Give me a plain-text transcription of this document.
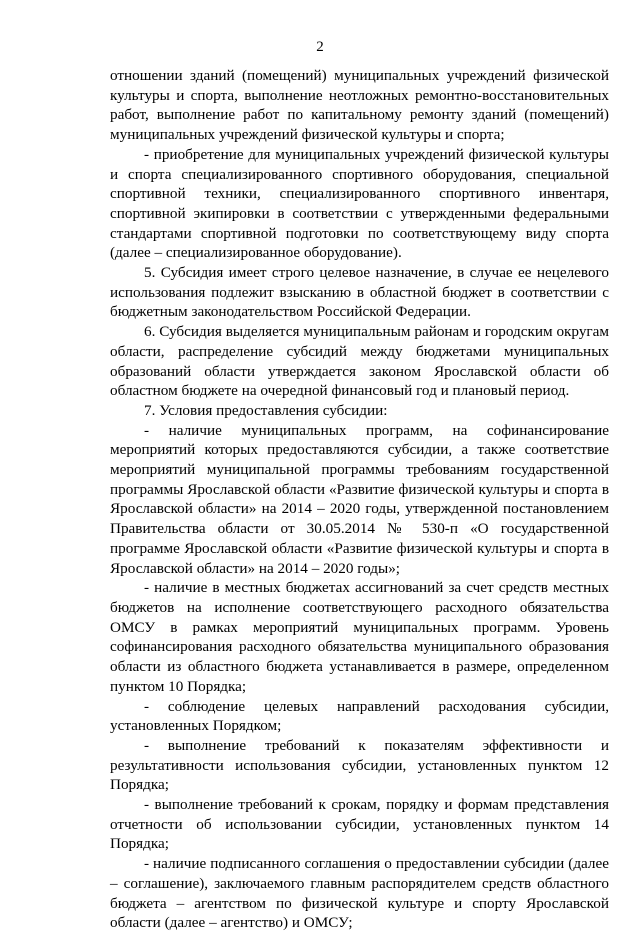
2

отношении зданий (помещений) муниципальных учреждений физической культуры и спорта, выполнение неотложных ремонтно-восстановительных работ, выполнение работ по капитальному ремонту зданий (помещений) муниципальных учреждений физической культуры и спорта;

- приобретение для муниципальных учреждений физической культуры и спорта специализированного спортивного оборудования, специальной спортивной техники, специализированного спортивного инвентаря, спортивной экипировки в соответствии с утвержденными федеральными стандартами спортивной подготовки по соответствующему виду спорта (далее – специализированное оборудование).

5. Субсидия имеет строго целевое назначение, в случае ее нецелевого использования подлежит взысканию в областной бюджет в соответствии с бюджетным законодательством Российской Федерации.

6. Субсидия выделяется муниципальным районам и городским округам области, распределение субсидий между бюджетами муниципальных образований области утверждается законом Ярославской области об областном бюджете на очередной финансовый год и плановый период.

7. Условия предоставления субсидии:

- наличие муниципальных программ, на софинансирование мероприятий которых предоставляются субсидии, а также соответствие мероприятий муниципальной программы требованиям государственной программы Ярославской области «Развитие физической культуры и спорта в Ярославской области» на 2014 – 2020 годы, утвержденной постановлением Правительства области от 30.05.2014 № 530-п «О государственной программе Ярославской области «Развитие физической культуры и спорта в Ярославской области» на 2014 – 2020 годы»;

- наличие в местных бюджетах ассигнований за счет средств местных бюджетов на исполнение соответствующего расходного обязательства ОМСУ в рамках мероприятий муниципальных программ. Уровень софинансирования расходного обязательства муниципального образования области из областного бюджета устанавливается в размере, определенном пунктом 10 Порядка;

- соблюдение целевых направлений расходования субсидии, установленных Порядком;

- выполнение требований к показателям эффективности и результативности использования субсидии, установленных пунктом 12 Порядка;

- выполнение требований к срокам, порядку и формам представления отчетности об использовании субсидии, установленных пунктом 14 Порядка;

- наличие подписанного соглашения о предоставлении субсидии (далее – соглашение), заключаемого главным распорядителем средств областного бюджета – агентством по физической культуре и спорту Ярославской области (далее – агентство) и ОМСУ;
